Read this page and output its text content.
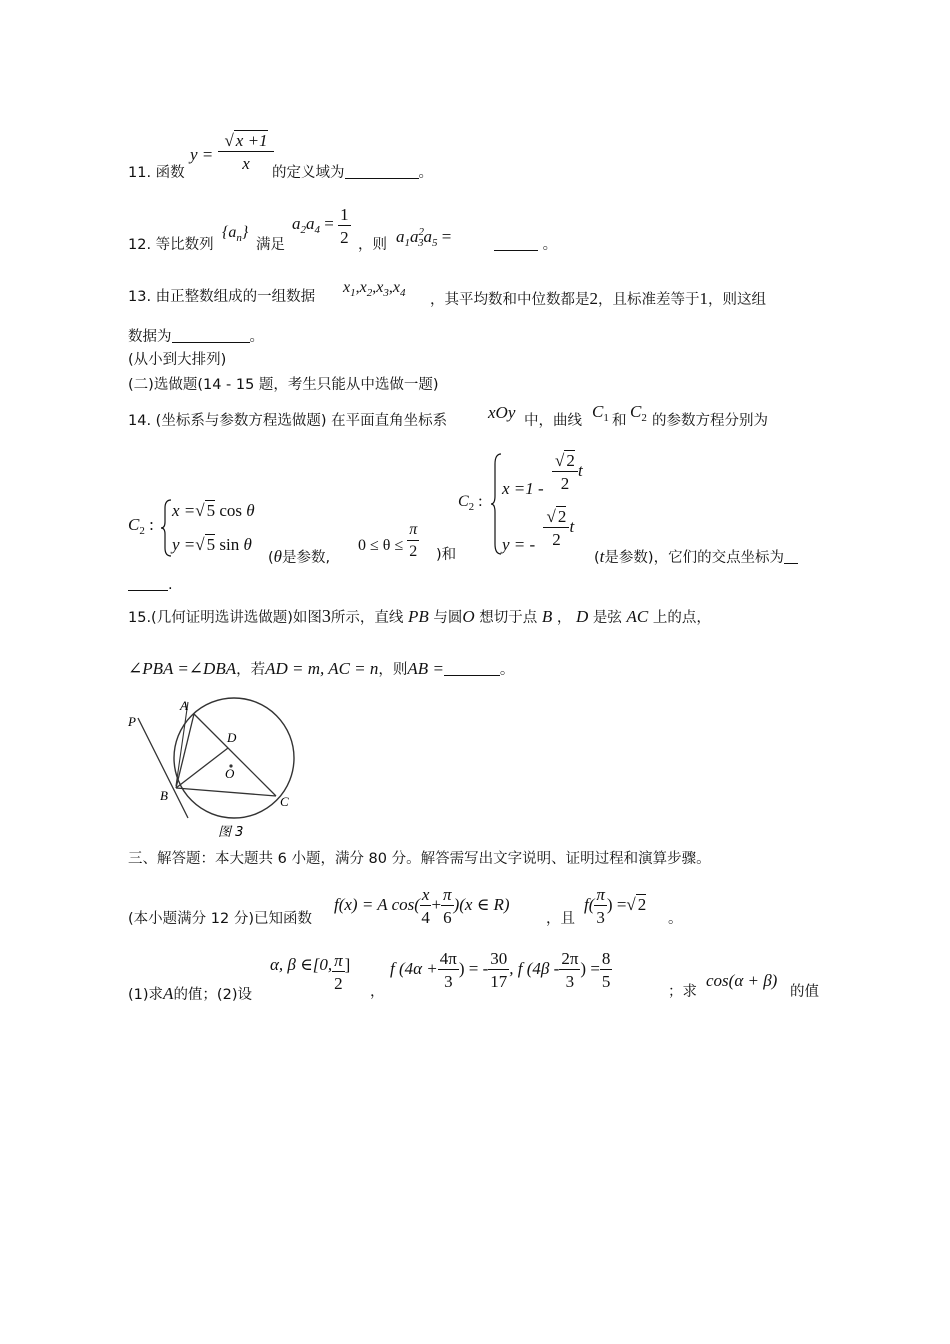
11. 函数
$y = \frac{√ x +1}{x}$
的定义域为	。
12. 等比数列
$\{a_n\}$
满足
$a_2a_4 = \frac{1}{2}$ ，则 $a_1a^2_3a_5$ =	。
13. 由正整数组成的一组数据
$x_1,x_2,x_3,x_4$ ，其平均数和中位数都是2，且标准差等于1，则这组
数据为	。
(从小到大排列)
(二)选做题(14 - 15 题，考生只能从中选做一题)
14. (坐标系与参数方程选做题) 在平面直角坐标系 xOy 中，曲线 $C_1$ 和 $C_2$ 的参数方程分别为
$C_2$ :
x =√ 5 cos θ
y =√ 5 sin θ
(θ是参数,
$0 \le \theta \le \frac{\pi}{2}$ )和
$C_2$ :
$x =1 - \frac{√ 2}{2}$ t
y = - $\frac{√ 2}{2}$ t
(t是参数)，它们的交点坐标为
.
15.(几何证明选讲选做题)如图3所示，直线 PB 与圆O 想切于点 B ， D 是弦 AC 上的点，
∠PBA =∠DBA，若AD = m, AC = n，则AB =	。
P
A
D
O
B	C
图 3
三、解答题：本大题共 6 小题，满分 80 分。解答需写出文字说明、证明过程和演算步骤。
(本小题满分 12 分)已知函数
f(x) = A $\cos( \frac{x}{4} + \frac{\pi}{6} )(x$ ∈ R)
，且
$f( \frac{\pi}{3}$ ) =√ 2
。
(1)求A的值；(2)设
α, β ∈[0, $\frac{\pi}{2}$ ]
，
f ($4\alpha + \frac{4\pi}{3}$ ) = - $\frac{30}{17}$ , f ($4\beta - \frac{2\pi}{3}$ ) = $\frac{8}{5}$
；求
cos(α + β)
的值
